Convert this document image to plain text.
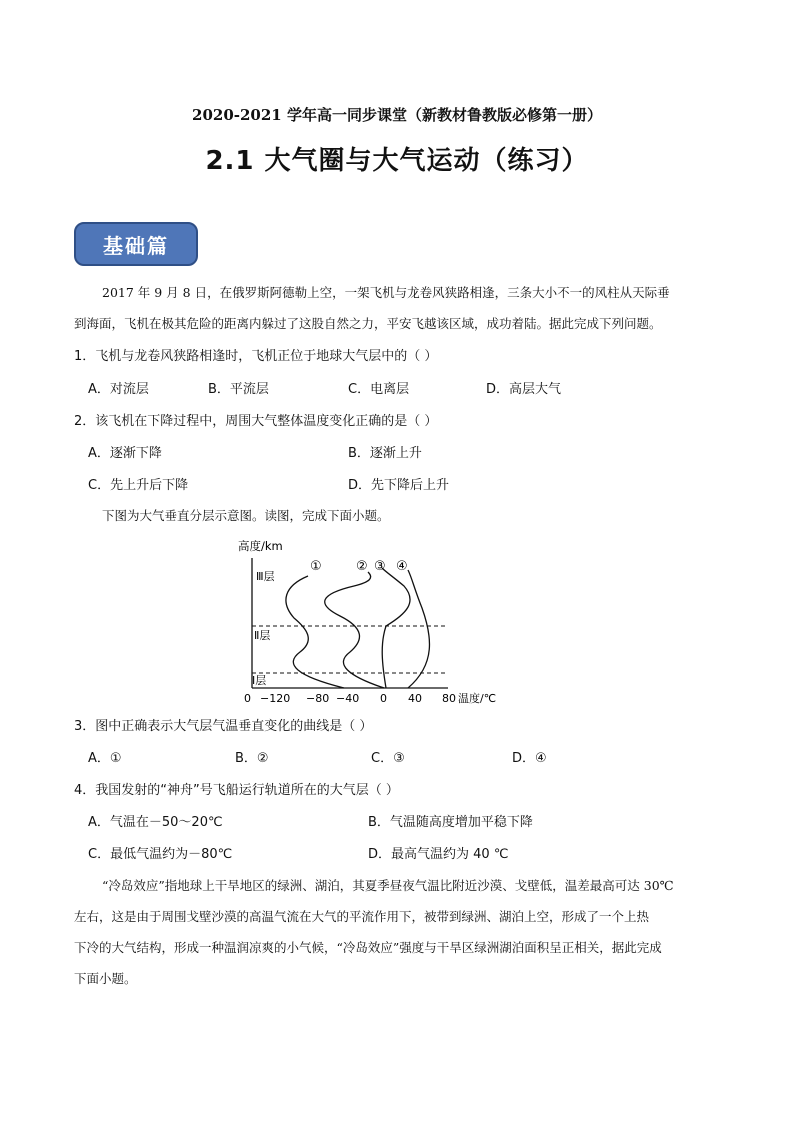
2020-2021 学年高一同步课堂（新教材鲁教版必修第一册）
2.1 大气圈与大气运动（练习）
基础篇
2017 年 9 月 8 日，在俄罗斯阿德勒上空，一架飞机与龙卷风狭路相逢，三条大小不一的风柱从天际垂
到海面，飞机在极其危险的距离内躲过了这股自然之力，平安飞越该区域，成功着陆。据此完成下列问题。
1．飞机与龙卷风狭路相逢时，飞机正位于地球大气层中的（ ）
A．对流层	B．平流层	C．电离层	D．高层大气
2．该飞机在下降过程中，周围大气整体温度变化正确的是（ ）
A．逐渐下降	B．逐渐上升
C．先上升后下降	D．先下降后上升
下图为大气垂直分层示意图。读图，完成下面小题。
高度/km
①	② ③ ④
Ⅲ层
Ⅱ层
Ⅰ层
0 −120 −80 −40 0 40 80 温度/℃
3．图中正确表示大气层气温垂直变化的曲线是（ ）
A．①	B．②	C．③	D．④
4．我国发射的“神舟”号飞船运行轨道所在的大气层（ ）
A．气温在－50～20℃	B．气温随高度增加平稳下降
C．最低气温约为－80℃	D．最高气温约为 40 ℃
“冷岛效应”指地球上干旱地区的绿洲、湖泊，其夏季昼夜气温比附近沙漠、戈壁低，温差最高可达 30℃
左右，这是由于周围戈壁沙漠的高温气流在大气的平流作用下，被带到绿洲、湖泊上空，形成了一个上热
下冷的大气结构，形成一种温润凉爽的小气候，“冷岛效应”强度与干旱区绿洲湖泊面积呈正相关，据此完成
下面小题。
